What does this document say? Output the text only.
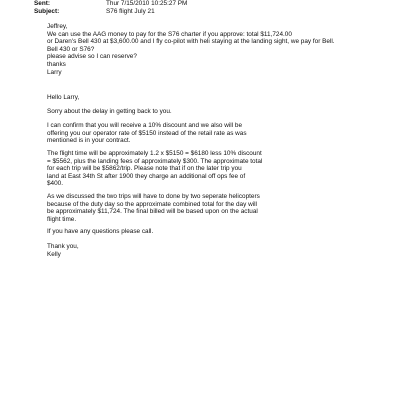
Sent:	Thur 7/15/2010 10:25:27 PM
Subject:	S76 flight July 21
Jeffrey,
We can use the AAG money to pay for the S76 charter if you approve: total $11,724.00
or Daren's Bell 430 at $3,600.00 and I fly co-pilot with heli staying at the landing sight, we pay for Bell.
Bell 430 or S76?
please advise so I can reserve?
thanks
Larry
Hello Larry,
Sorry about the delay in getting back to you.
I can confirm that you will receive a 10% discount and we also will be
offering you our operator rate of $5150 instead of the retail rate as was
mentioned is in your contract.
The flight time will be approximately 1.2 x $5150 = $6180 less 10% discount
= $5562, plus the landing fees of approximately $300. The approximate total
for each trip will be $5862/trip. Please note that if on the later trip you
land at East 34th St after 1900 they charge an additional off ops fee of
$400.
As we discussed the two trips will have to done by two seperate helicopters
because of the duty day so the approximate combined total for the day will
be approximately $11,724. The final billed will be based upon on the actual
flight time.
If you have any questions please call.
Thank you,
Kelly
